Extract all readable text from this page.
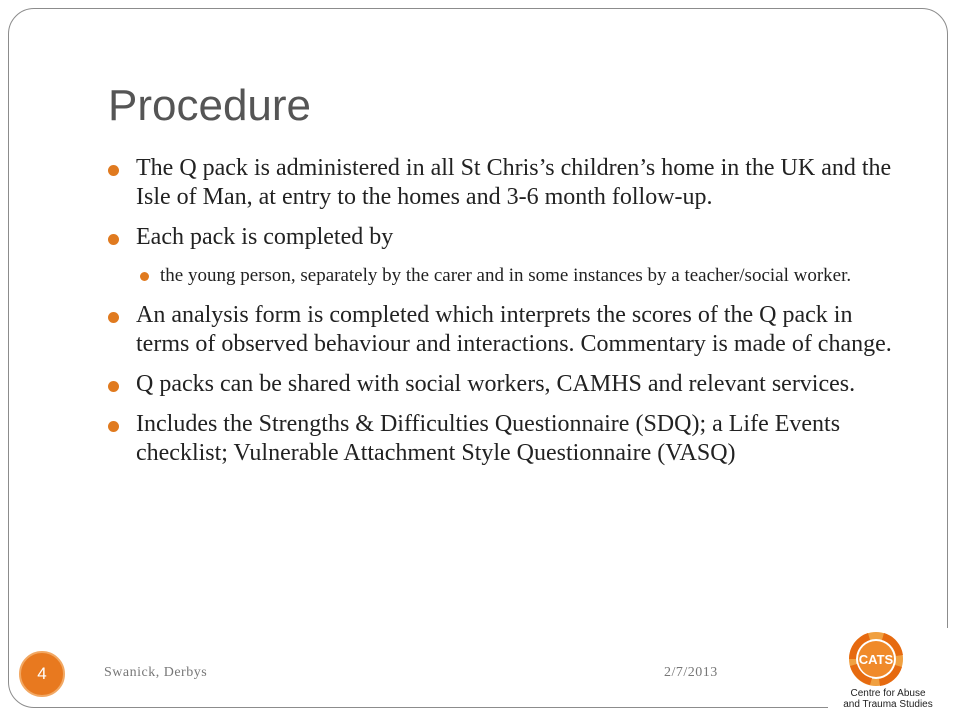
Procedure
The Q pack is administered in all St Chris’s children’s home in the UK and the Isle of Man, at entry to the homes and 3-6 month follow-up.
Each pack is completed by
the young person, separately by the carer and in some instances by a teacher/social worker.
An analysis form is completed which interprets the scores of the Q pack in terms of observed behaviour and interactions. Commentary is made of change.
Q packs can be shared with social workers, CAMHS and relevant services.
Includes the Strengths & Difficulties Questionnaire (SDQ); a Life Events checklist; Vulnerable Attachment Style Questionnaire (VASQ)
4	Swanick, Derbys	2/7/2013
CATS
Centre for Abuse
and Trauma Studies
